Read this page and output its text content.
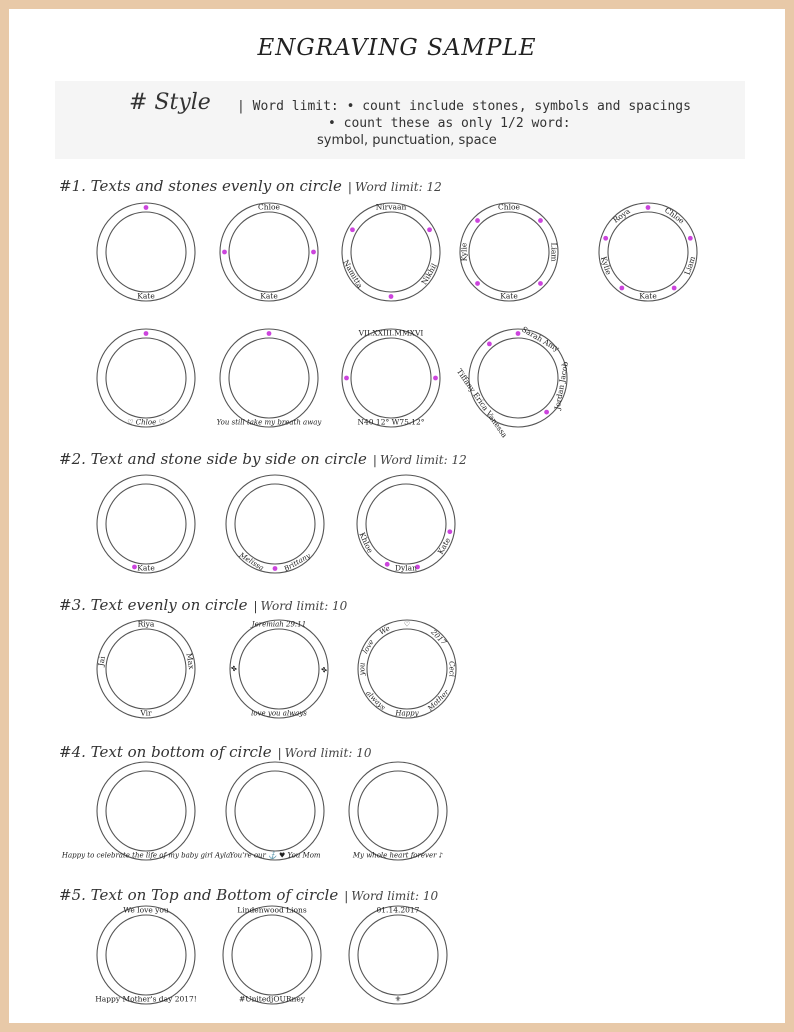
ENGRAVING SAMPLE
# Style | Word limit: • count include stones, symbols and spacings
• count these as only 1/2 word:
symbol, punctuation, space
#1. Texts and stones evenly on circle | Word limit: 12
#2. Text and stone side by side on circle | Word limit: 12
#3. Text evenly on circle | Word limit: 10
#4. Text on bottom of circle | Word limit: 10
#5. Text on Top and Bottom of circle | Word limit: 10
Kate
Chloe
Kate
Nirvaan
Nikhil
Namitta
Chloe
Liam
Kate
Kylie
Chloe
Liam
Kate
Kylie
Roya
♡ Chloe ♡	You still take my breath away
VII.XXIII.MMXVI
N40 12° W75.12°
Sarah Amy
Jordan Jacob
Tiffany Erica Vanessa
Kate	Melissa	Brittany
Khloe
Dylan
Kate
Riya
Max
Vir
Jai
Jeremiah 29:11
✤
love you always
✤
♡
2017
Ceci
Mother
Happy
always
you
love
We
Happy to celebrate the life of my baby girl Ayla You're our ⚓ ♥ You Mom	My whole heart forever ♪
We love you
Happy Mother's day 2017!
Lindenwood Lions
#UnitedjOURney
01.14.2017
⚜
